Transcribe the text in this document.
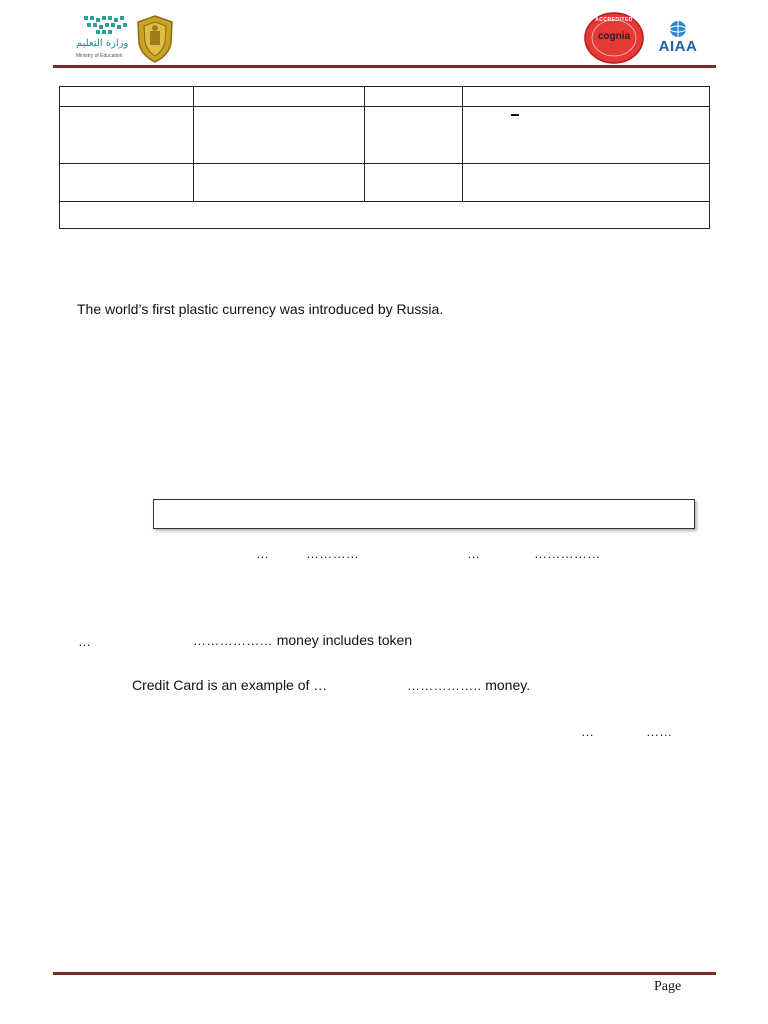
وزارة التعليم
Ministry of Education
ACCREDITED
cognia
AIAA
The world’s first plastic currency was introduced by Russia.
…	…………	…	……………
…	……………… money includes token
Credit Card is an example of …	…………….. money.
…	……
Page
